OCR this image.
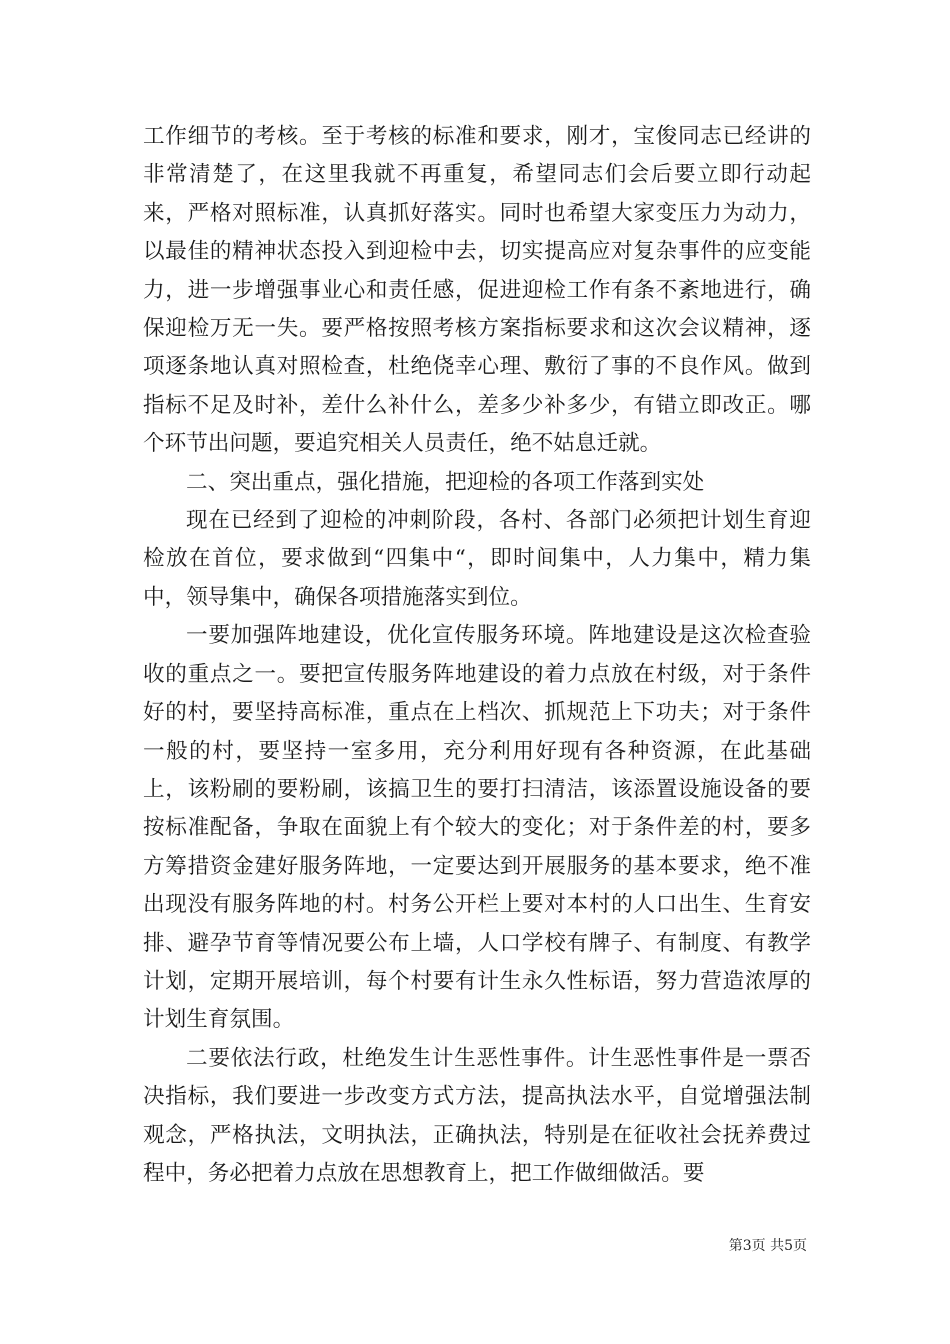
工作细节的考核。至于考核的标准和要求，刚才，宝俊同志已经讲的非常清楚了，在这里我就不再重复，希望同志们会后要立即行动起来，严格对照标准，认真抓好落实。同时也希望大家变压力为动力，以最佳的精神状态投入到迎检中去，切实提高应对复杂事件的应变能力，进一步增强事业心和责任感，促进迎检工作有条不紊地进行，确保迎检万无一失。要严格按照考核方案指标要求和这次会议精神，逐项逐条地认真对照检查，杜绝侥幸心理、敷衍了事的不良作风。做到指标不足及时补，差什么补什么，差多少补多少，有错立即改正。哪个环节出问题，要追究相关人员责任，绝不姑息迁就。

二、突出重点，强化措施，把迎检的各项工作落到实处

现在已经到了迎检的冲刺阶段，各村、各部门必须把计划生育迎检放在首位，要求做到“四集中“，即时间集中，人力集中，精力集中，领导集中，确保各项措施落实到位。

一要加强阵地建设，优化宣传服务环境。阵地建设是这次检查验收的重点之一。要把宣传服务阵地建设的着力点放在村级，对于条件好的村，要坚持高标准，重点在上档次、抓规范上下功夫；对于条件一般的村，要坚持一室多用，充分利用好现有各种资源，在此基础上，该粉刷的要粉刷，该搞卫生的要打扫清洁，该添置设施设备的要按标准配备，争取在面貌上有个较大的变化；对于条件差的村，要多方筹措资金建好服务阵地，一定要达到开展服务的基本要求，绝不准出现没有服务阵地的村。村务公开栏上要对本村的人口出生、生育安排、避孕节育等情况要公布上墙，人口学校有牌子、有制度、有教学计划，定期开展培训，每个村要有计生永久性标语，努力营造浓厚的计划生育氛围。

二要依法行政，杜绝发生计生恶性事件。计生恶性事件是一票否决指标，我们要进一步改变方式方法，提高执法水平，自觉增强法制观念，严格执法，文明执法，正确执法，特别是在征收社会抚养费过程中，务必把着力点放在思想教育上，把工作做细做活。要

第3页 共5页
